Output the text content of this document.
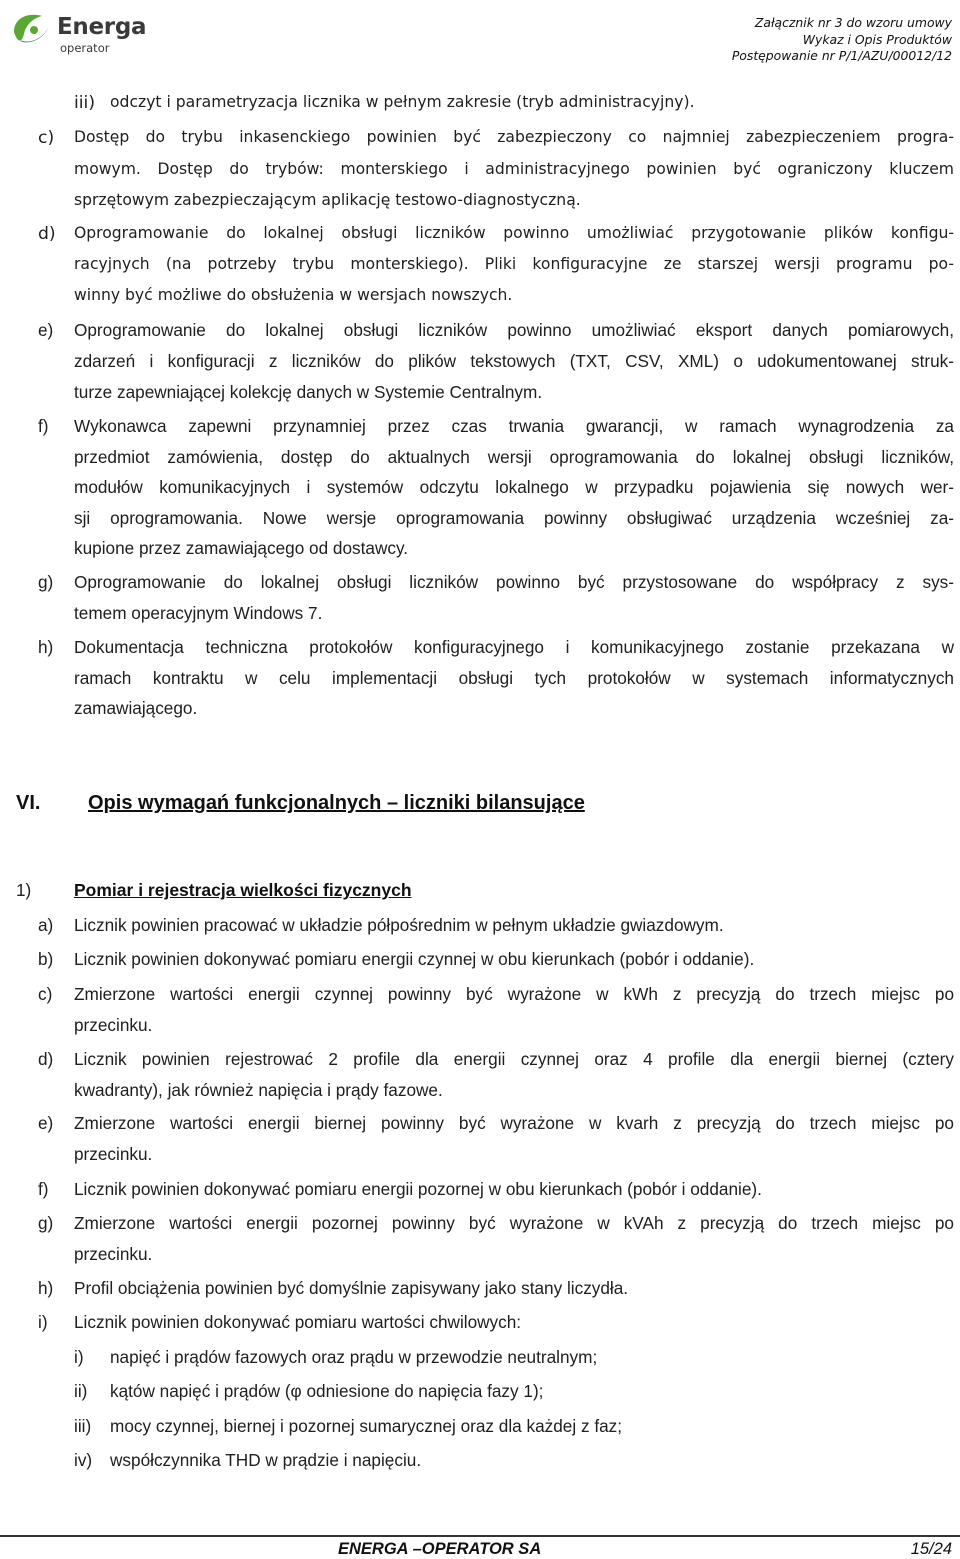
Energa
operator
Załącznik nr 3 do wzoru umowy
Wykaz i Opis Produktów
Postępowanie nr P/1/AZU/00012/12
iii) odczyt i parametryzacja licznika w pełnym zakresie (tryb administracyjny).
c) Dostęp do trybu inkasenckiego powinien być zabezpieczony co najmniej zabezpieczeniem progra-
mowym. Dostęp do trybów: monterskiego i administracyjnego powinien być ograniczony kluczem
sprzętowym zabezpieczającym aplikację testowo-diagnostyczną.
d) Oprogramowanie do lokalnej obsługi liczników powinno umożliwiać przygotowanie plików konfigu-
racyjnych (na potrzeby trybu monterskiego). Pliki konfiguracyjne ze starszej wersji programu po-
winny być możliwe do obsłużenia w wersjach nowszych.
e) Oprogramowanie do lokalnej obsługi liczników powinno umożliwiać eksport danych pomiarowych,
zdarzeń i konfiguracji z liczników do plików tekstowych (TXT, CSV, XML) o udokumentowanej struk-
turze zapewniającej kolekcję danych w Systemie Centralnym.
f) Wykonawca zapewni przynamniej przez czas trwania gwarancji, w ramach wynagrodzenia za
przedmiot zamówienia, dostęp do aktualnych wersji oprogramowania do lokalnej obsługi liczników,
modułów komunikacyjnych i systemów odczytu lokalnego w przypadku pojawienia się nowych wer-
sji oprogramowania. Nowe wersje oprogramowania powinny obsługiwać urządzenia wcześniej za-
kupione przez zamawiającego od dostawcy.
g) Oprogramowanie do lokalnej obsługi liczników powinno być przystosowane do współpracy z sys-
temem operacyjnym Windows 7.
h) Dokumentacja techniczna protokołów konfiguracyjnego i komunikacyjnego zostanie przekazana w
ramach kontraktu w celu implementacji obsługi tych protokołów w systemach informatycznych
zamawiającego.
VI. Opis wymagań funkcjonalnych – liczniki bilansujące
1) Pomiar i rejestracja wielkości fizycznych
a) Licznik powinien pracować w układzie półpośrednim w pełnym układzie gwiazdowym.
b) Licznik powinien dokonywać pomiaru energii czynnej w obu kierunkach (pobór i oddanie).
c) Zmierzone wartości energii czynnej powinny być wyrażone w kWh z precyzją do trzech miejsc po
przecinku.
d) Licznik powinien rejestrować 2 profile dla energii czynnej oraz 4 profile dla energii biernej (cztery
kwadranty), jak również napięcia i prądy fazowe.
e) Zmierzone wartości energii biernej powinny być wyrażone w kvarh z precyzją do trzech miejsc po
przecinku.
f) Licznik powinien dokonywać pomiaru energii pozornej w obu kierunkach (pobór i oddanie).
g) Zmierzone wartości energii pozornej powinny być wyrażone w kVAh z precyzją do trzech miejsc po
przecinku.
h) Profil obciążenia powinien być domyślnie zapisywany jako stany liczydła.
i) Licznik powinien dokonywać pomiaru wartości chwilowych:
i) napięć i prądów fazowych oraz prądu w przewodzie neutralnym;
ii) kątów napięć i prądów (φ odniesione do napięcia fazy 1);
iii) mocy czynnej, biernej i pozornej sumarycznej oraz dla każdej z faz;
iv) współczynnika THD w prądzie i napięciu.
ENERGA –OPERATOR SA	15/24
